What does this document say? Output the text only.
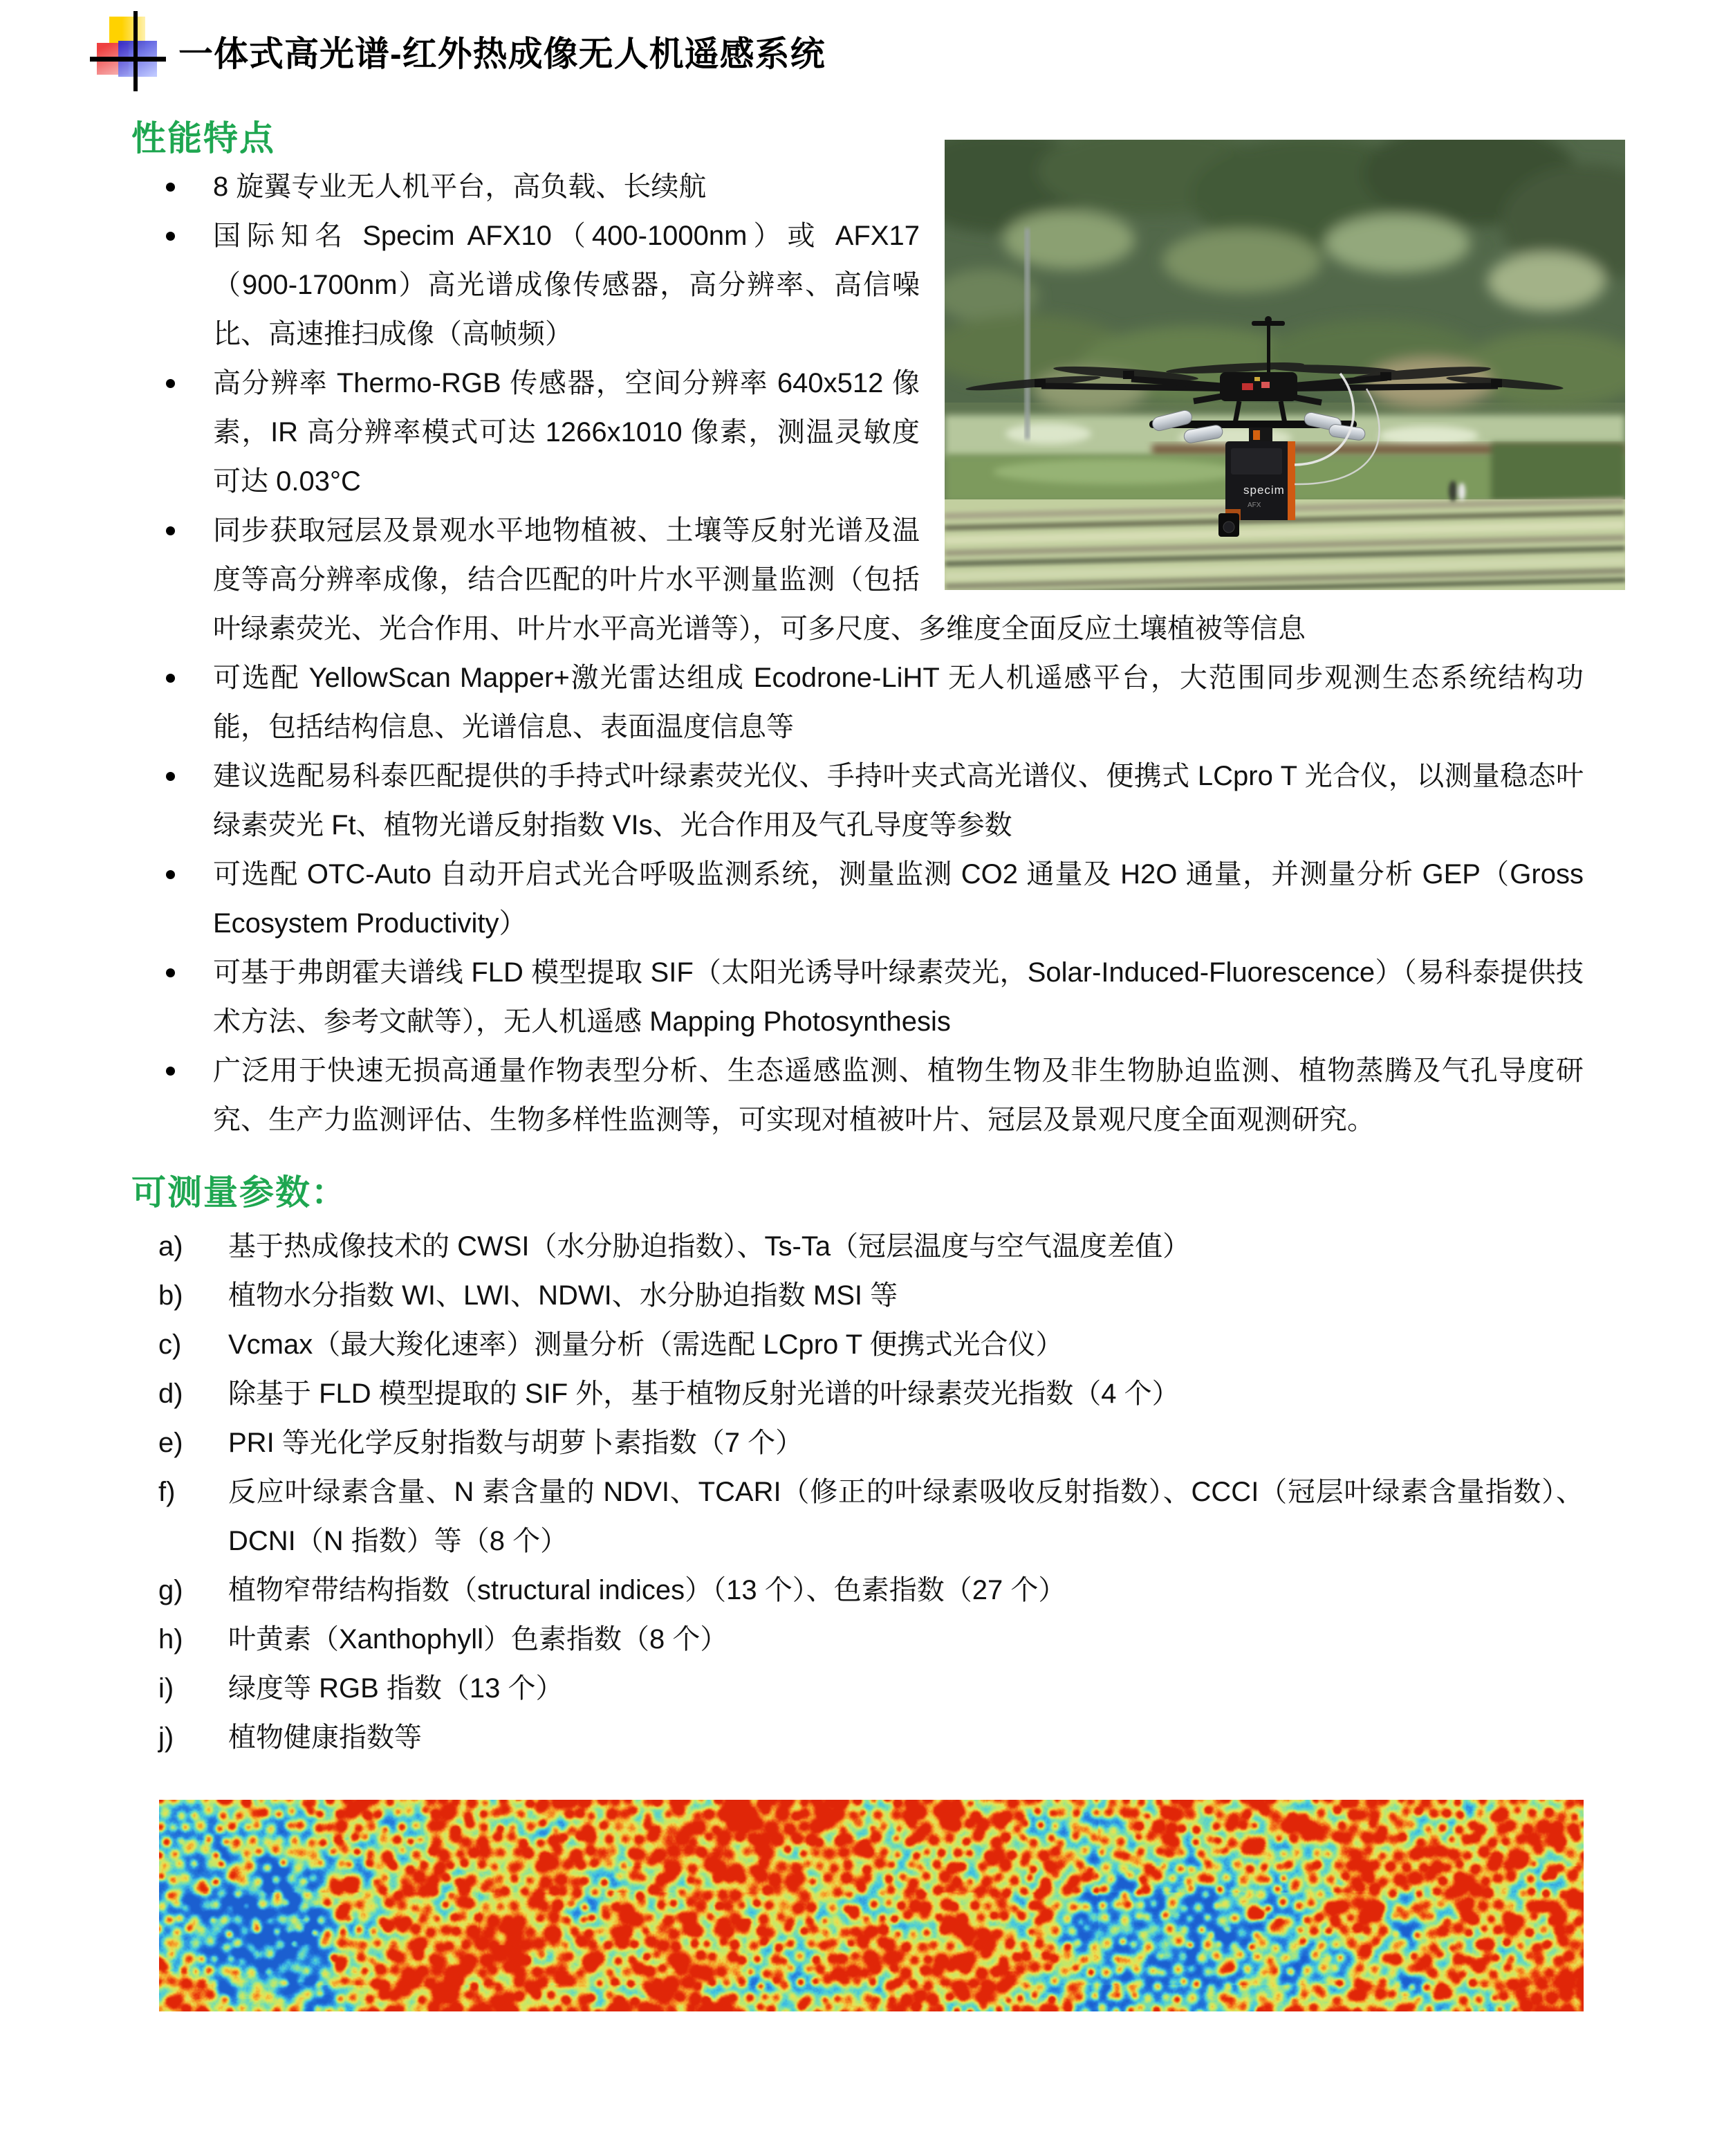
一体式高光谱-红外热成像无人机遥感系统
specim
AFX
性能特点
8 旋翼专业无人机平台，高负载、长续航
国际知名 Specim AFX10（400-1000nm）或 AFX17（900-1700nm）高光谱成像传感器，高分辨率、高信噪比、高速推扫成像（高帧频）
高分辨率 Thermo-RGB 传感器，空间分辨率 640x512 像素，IR 高分辨率模式可达 1266x1010 像素，测温灵敏度可达 0.03°C
同步获取冠层及景观水平地物植被、土壤等反射光谱及温度等高分辨率成像，结合匹配的叶片水平测量监测（包括叶绿素荧光、光合作用、叶片水平高光谱等），可多尺度、多维度全面反应土壤植被等信息
可选配 YellowScan Mapper+激光雷达组成 Ecodrone-LiHT 无人机遥感平台，大范围同步观测生态系统结构功能，包括结构信息、光谱信息、表面温度信息等
建议选配易科泰匹配提供的手持式叶绿素荧光仪、手持叶夹式高光谱仪、便携式 LCpro T 光合仪，以测量稳态叶绿素荧光 Ft、植物光谱反射指数 VIs、光合作用及气孔导度等参数
可选配 OTC-Auto 自动开启式光合呼吸监测系统，测量监测 CO2 通量及 H2O 通量，并测量分析 GEP（Gross Ecosystem Productivity）
可基于弗朗霍夫谱线 FLD 模型提取 SIF（太阳光诱导叶绿素荧光，Solar-Induced-Fluorescence）（易科泰提供技术方法、参考文献等），无人机遥感 Mapping Photosynthesis
广泛用于快速无损高通量作物表型分析、生态遥感监测、植物生物及非生物胁迫监测、植物蒸腾及气孔导度研究、生产力监测评估、生物多样性监测等，可实现对植被叶片、冠层及景观尺度全面观测研究。
可测量参数：
a) 基于热成像技术的 CWSI（水分胁迫指数）、Ts-Ta（冠层温度与空气温度差值）
b) 植物水分指数 WI、LWI、NDWI、水分胁迫指数 MSI 等
c) Vcmax（最大羧化速率）测量分析（需选配 LCpro T 便携式光合仪）
d) 除基于 FLD 模型提取的 SIF 外，基于植物反射光谱的叶绿素荧光指数（4 个）
e) PRI 等光化学反射指数与胡萝卜素指数（7 个）
f) 反应叶绿素含量、N 素含量的 NDVI、TCARI（修正的叶绿素吸收反射指数）、CCCI（冠层叶绿素含量指数）、DCNI（N 指数）等（8 个）
g) 植物窄带结构指数（structural indices）（13 个）、色素指数（27 个）
h) 叶黄素（Xanthophyll）色素指数（8 个）
i) 绿度等 RGB 指数（13 个）
j) 植物健康指数等
